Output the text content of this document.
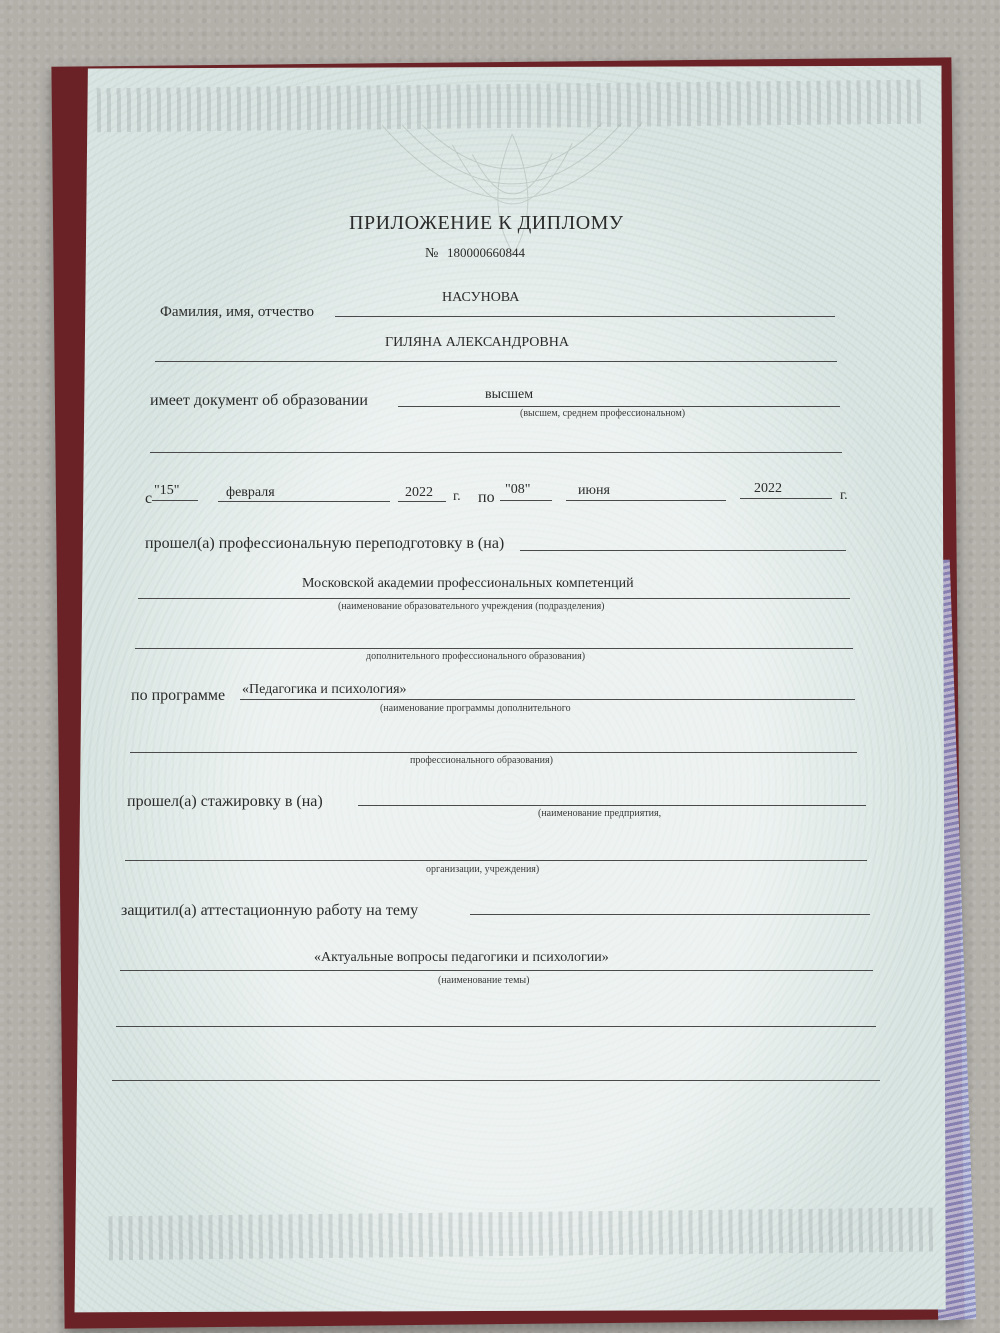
ПРИЛОЖЕНИЕ К ДИПЛОМУ
№ 180000660844
НАСУНОВА
Фамилия, имя, отчество
ГИЛЯНА АЛЕКСАНДРОВНА
высшем
имеет документ об образовании
(высшем, среднем профессиональном)
с "15"	февраля	2022 г. по "08"	июня	2022	г.
прошел(а) профессиональную переподготовку в (на)
Московской академии профессиональных компетенций
(наименование образовательного учреждения (подразделения)
дополнительного профессионального образования)
по программе «Педагогика и психология»
(наименование программы дополнительного
профессионального образования)
прошел(а) стажировку в (на)
(наименование предприятия,
организации, учреждения)
защитил(а) аттестационную работу на тему
«Актуальные вопросы педагогики и психологии»
(наименование темы)
